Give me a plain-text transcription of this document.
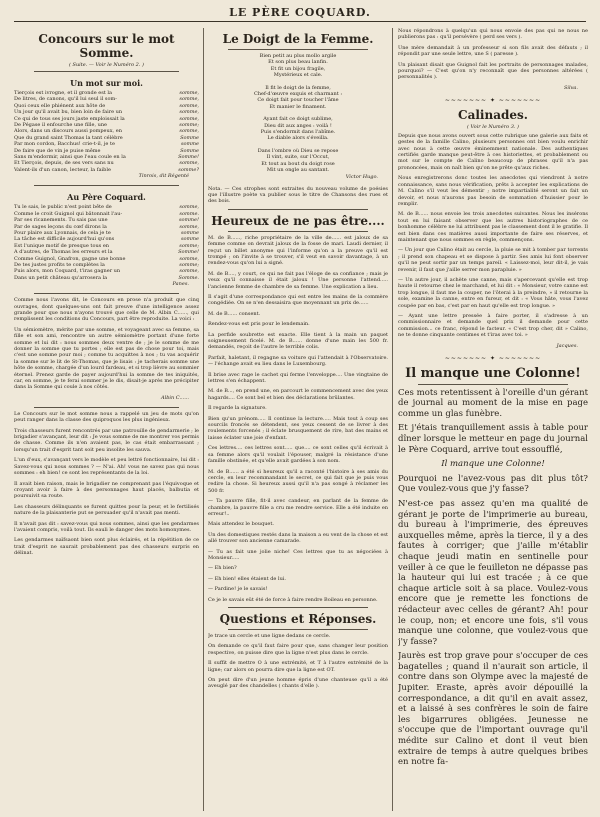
LE PÈRE COQUARD.
Concours sur le mot Somme.
( Suite. — Voir le Numéro 2. )
Un mot sur moi.
Tierçois est ivrogne, et il gronde est la	somme,
De litres, de canons, qu'il lui seul il som-	somme,
Quoi ceux elle phiénent aux hôte de	somme,
Un jour qu'il avait bu, bien loin de faire un	somme,
Ce qui de tous ses jours jaste emploissait la	somme,
De Pégase il enfourche une fille, une	somme;
Alors, dans un discours aussi pompeux, en	somme,
Que du grand saint Thomas la tant célèbre	Somme
Par mon cordon, Bacchus! crie-t-il, je te	somme
De faire que de vin je puise même	Somme
Sans m'endormir, ainsi que l'eau coule en la	Somme!
Et Tierçois, depuis, de ses vers sans nu	somme,
Valent-ils d'un canon, lecteur, la faible	somme?
Tinrois, dit Régenté
Au Père Coquard.
Tu le sais, le public n'est point bête de	somme,
Comme le croit Guignol qui bâtonnait l'au-	somme.
Par ses ricanements. Tu sais pas une	somme!
Par de sages leçons du cœf dirons la	somme,
Pour plaire aux Lyonnais, de cela je te	somme
La tâche est difficile aujourd'hui qu'ons	somme
Est l'unique motif de presque tous en	somme;
A d'autres, de Thomas les erreurs et la	Somme!
Comme Guignol, Gnafron, gagne une bonne	somme,
De tes justes profits te complètes la	somme;
Puis alors, mon Coquard, t'iras gagner un	somme,
Dans un petit château qu'arrosera la	Somme.
Panes.

Comme nous l'avons dit, le Concours en prose n'a produit que cinq ouvrages, dont quelques-uns ont fait preuve d'une intelligence assez grande pour que nous n'ayons trouvé que celle de M. Albin C......, qui remplissent les conditions du Concours, part être reproduite. La voici :

Un sémiomètre, mérite par une somme, et voyageant avec sa femme, sa fille et son ami, rencontre un autre sémiomètre portant d'une forte somme et lui dit : nous sommes deux ventre de ; je le somme de me donner la somme que tu portes ; elle est pas de chose pour toi, mais c'est une somme pour moi ; comme tu acquittes à nos ; tu vas acquérir la somme sur le lit de St-Thomas, que je lisais : je tacherais somme une hôte de somme, chargée d'un lourd fardeau, et si trop lièvre au sommier éternel. Prenez garde de payer aujourd'hui la somme de tes iniquités, car, en somme, je te ferai sommer je le dis, disait-je après me précipiter dans la Somme qui coule à nos côtés.

Albin C......

Le Concours sur le mot somme nous a rappelé un jeu de mots qu'on peut ranger dans la classe des quiproquos les plus ingénieux.

Trois chasseurs furent rencontrés par une patrouille de gendarmerie ; le brigadier s'avançant, leur dit : Je vous somme de me montrer vos permis de chasse. Comme ils n'en avaient pas, le cas était embarrassant ; lorsqu'un trait d'esprit tant soit peu insolite les sauva.

L'un d'eux, s'avançant vers le modèle et peu lettré fonctionnaire, lui dit : Savez-vous qui nous sommes ? — N'ai. Ah! vous ne savez pas qui nous sommes : eh bien! ce sont les représentants de la loi.

Il avait bien raison, mais le brigadier ne comprenant pas l'équivoque et croyant avoir à faire à des personnages haut placés, balbutia et poursuivit sa route.

Les chasseurs délinquants se furent quittes pour la peur, et le fertilisés nature de la plaisanterie put se persuader qu'il n'avait pas menti.

Il n'avait pas dit : savez-vous qui nous sommes, ainsi que les gendarmes l'avaient compris, voilà tout. Ils eauli le danger des mots homonymes.

Les gendarmes naïfsaont bien sont plus éclairés, et la répétition de ce trait d'esprit ne saurait probablement pas des chasseurs surpris en délinat.

Le Doigt de la Femme.
Bien petit au plus mollo argile
Et son plus beau lanfin.
Et fit un bijou fragile,
Mystérieux et cale.
Il fit le doigt de la femme,
Chef-d'œuvre exquis et charmant :
Ce doigt fait pour toucher l'âme
Et manier le finament.
Ayant fait ce doigt sublime,
Dieu dit aux anges : voilà !
Puis s'endormit dans l'abîme.
Le diable alors s'éveilla.
Dans l'ombre où Dieu se repose
Il vint, suite, sur l'Occut,
Et tout au bout du doigt rose
Mit un ongle au santant.
Victor Hugo.

Nota. — Ces strophes sont extraites du nouveau volume de poésies que l'illustre poète va publier sous le titre de Chansons des rues et des bois.

Heureux de ne pas être....

M. de B......, riche propriétaire de la ville de...... est jaloux de sa femme comme on devrait jaloux de la fosse de mari. Laudi dernier, il reçut un billet anonyme qui l'informe qu'on a la preuve qu'il est trompé ; on l'invite à se trouver, s'il veut en savoir davantage, à un rendez-vous qu'on lui a signé.

M. de B...., y court, ce qui ne fait pas l'éloge de sa confiance ; mais je veux qu'il connaisse il était jaloux ! Une personne l'attend..... l'ancienne femme de chambre de sa femme. Une explication a lieu.

Il s'agit d'une correspondance qui est entre les mains de la commère congédiée. On se n'en dessaisira que moyennant un prix de......

M. de B...... consent.

Rendez-vous est pris pour le lendemain.

La perfide soubrette est exacte. Elle tient à la main un paquet soigneusement ficelé. M. de B...... donne d'une main les 500 fr. demandés, reçoit de l'autre le terrible colis.

Parfait, haletant, il regagne sa voiture qui l'attendait à l'Observatoire. — l'échange avait eu lieu dans le Luxembourg.

Il brise avec rage le cachet qui ferme l'enveloppe.... Une vingtaine de lettres s'en échappent.

M. de B..., en prend une, en parcourt le commencement avec des yeux hagards.... Ce sont bel et bien des déclarations brûlantes.

Il regarde la signature.

Bien qu'un prénom..... Il continue la lecture..... Mais tout à coup ses sourcils froncés se détendent, ses yeux cessent de se livrer à des roulements forcenés ; il éclate brusquement de rire, bat des mains et laisse éclater une joie d'enfant.

Ces lettres.... ces lettres sont..... que.... ce sont celles qu'il écrivait à sa femme alors qu'il voulait l'épouser, malgré la résistance d'une famille obstinée, et qu'elle avait gardées à son nom.

M. de B...... a été si heureux qu'il a raconté l'histoire à ses amis du cercle, en leur recommandant le secret, ce qui fait que je puis vous redire la chose. Si heureux aussi qu'il n'a pas songé à réclamer les 500 fr.

— Ta pauvre fille, fit-il avec candeur, en parlant de la femme de chambre, la pauvre fille a cru me rendre service. Elle a été induite en erreur!..

Mais attendez le bouquet.

Un des domestiques restés dans la maison a eu vent de la chose et est allé trouver son ancienne camarade.

— Tu as fait une jolie niche! Ces lettres que tu as négociées à Monsieur.....

— Eh bien?

— Eh bien! elles étaient de lui.

— Pardine! je le savais!

Ce je le savais eût été de force à faire rendre Boileau en personne.

Questions et Réponses.

Je trace un cercle et une ligne dedans ce cercle.

On demande ce qu'il faut faire pour que, sans changer leur position respective, on puisse dire que la ligne n'est plus dans le cercle.

Il suffit de mettre O à une extrémité, et T à l'autre extrémité de la ligne; car alors on pourra dire que la ligne est OT.

On peut dire d'un jeune homme épris d'une chanteuse qu'il a été aveuglé par des chandelles ( chants d'elle ).

Nous répondrons à quelqu'un qui nous envoie des pas qui ne nous ne publierons pas : qu'il persévère ( perd ses vers ).

Une mère demandait à un professeur si son fils avait des défauts ; il répondit par une seule lettre, une S ( paresse ).

Un plaisant disait que Guignol fait les portraits de personnages malades, pourquoi? — C'est qu'on n'y reconnaît que des personnes altérées ( personnalités ).

Silva.
~~~~~~~ ✦ ~~~~~~~
Calinades.
( Voir le Numéro 3. )

Depuis que nous avons ouvert sous cette rubrique une galerie aux faits et gestes de la famille Calino, plusieurs personnes ont bien voulu enrichir avec nous à cette œuvre éminemment nationale. Des authentiques certifiés garde manque peut-être à ces historiettes, et probablement ou mot sur le compte de Calino beaucoup de phrases qu'il n'a pas prononcées, mais on naît bien qu'on ne prête qu'aux riches.

Nous enregistrerons donc toutes les anecdotes qui viendront à notre connaissance, sans nous vérification, prêts à accepter les explications de M. Calino s'il veut les démentir ; notre impartialité seront un fait un devoir, et nous n'aurons pas besoin de sommation d'huissier pour le remplir.

M. de B...... nous envoie les trois anecdotes suivantes. Nous les insérons tout en lui faisant observer que les autres historiographes de ce bonhomme célèbre ne lui attribuent pas le classement dont il le gratifie. Il est bien dans ces matières aussi importante de faire ses réserves, et maintenant que nous sommes en règle, commençons.

— Un jour que Calino était au cercle, la pluie se mit à tomber par torrents ; il prend son chapeau et se dispose à partir. Ses amis lui font observer qu'il ne peut sortir par un temps pareil. « Laissez-moi, leur dit-il, je vais revenir, il faut que j'aille serrer mon parapluie. »

— Un autre jour, il achète une canne, mais s'apercevant qu'elle est trop haute il retourne chez le marchand, et lui dit : « Monsieur, votre canne est trop longue, il faut me la couper, ne l'ôterai à la preindre, » il retourne la sole, examine la canne, entre en fureur, et dit : « Vous hâte, vous l'avez coupée par en bas, c'est par en haut qu'elle est trop longue. »

— Ayant une lettre pressée à faire porter, il s'adresse à un commissionnaire et demande quel prix il demande pour cette commission... ce franc, répond le facteur. « C'est trop cher, dit » Calino, ne te donne cinquante centimes et t'iras avec toi. »

Jacques.
~~~~~~~ ✦ ~~~~~~~
Il manque une Colonne!

Ces mots retentissent à l'oreille d'un gérant de journal au moment de la mise en page comme un glas funèbre.

Et j'étais tranquillement assis à table pour dîner lorsque le metteur en page du journal le Père Coquard, arrive tout essoufflé,

Il manque une Colonne!

Pourquoi ne l'avez-vous pas dit plus tôt? Que voulez-vous que j'y fasse?

N'est-ce pas assez qu'en ma qualité de gérant je porte de l'imprimerie au bureau, du bureau à l'imprimerie, des épreuves auxquelles même, après la tierce, il y a des fautes à corriger; que j'aille m'établir chaque jeudi matin en sentinelle pour veiller à ce que le feuilleton ne dépasse pas la hauteur qui lui est tracée ; à ce que chaque article soit à sa place. Voulez-vous encore que je remette les fonctions de rédacteur avec celles de gérant? Ah! pour le coup, non; et encore une fois, s'il vous manque une colonne, que voulez-vous que j'y fasse?

Jaurès est trop grave pour s'occuper de ces bagatelles ; quand il n'aurait son article, il contre dans son Olympe avec la majesté de Jupiter. Eraste, après avoir dépouillé la correspondance, a dit qu'il en avait assez, et a laissé à ses confrères le soin de faire les bigarrures obligées. Jeunesse ne s'occupe que de l'important ouvrage qu'il médite sur Calino et dont il veut bien extraire de temps à autre quelques bribes en notre fa-
